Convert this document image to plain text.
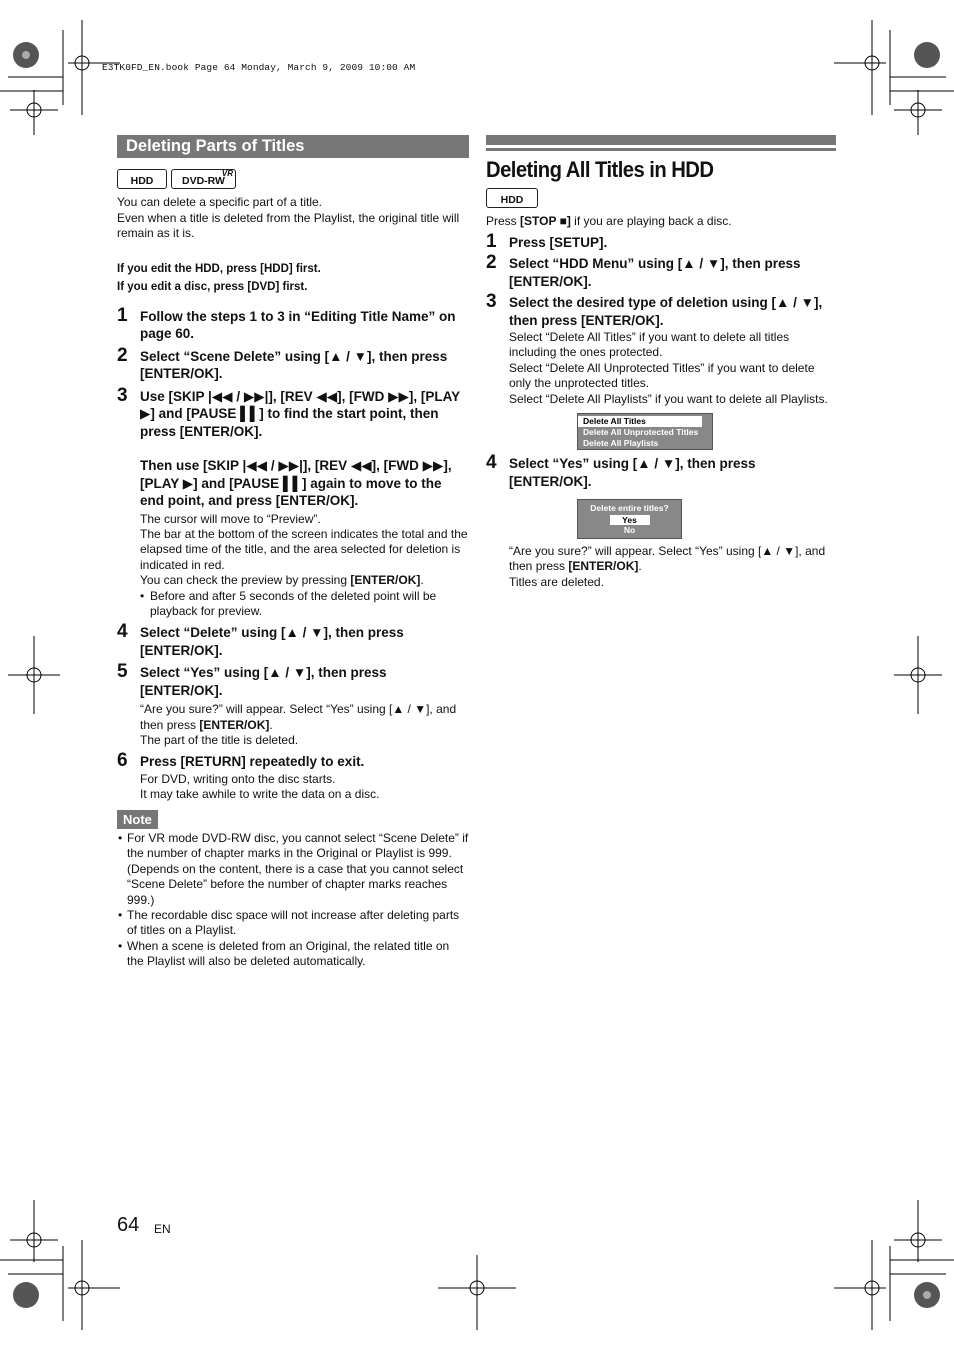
E3TK0FD_EN.book Page 64 Monday, March 9, 2009 10:00 AM
Deleting Parts of Titles
HDD
VR
DVD-RW

You can delete a specific part of a title.

Even when a title is deleted from the Playlist, the original title will remain as it is.

If you edit the HDD, press [HDD] first.

If you edit a disc, press [DVD] first.

1 Follow the steps 1 to 3 in “Editing Title Name” on page 60.
2 Select “Scene Delete” using [▲ / ▼], then press [ENTER/OK].
3 Use [SKIP |◀◀ / ▶▶|], [REV ◀◀], [FWD ▶▶], [PLAY ▶] and [PAUSE ▌▌] to find the start point, then press [ENTER/OK].
Then use [SKIP |◀◀ / ▶▶|], [REV ◀◀], [FWD ▶▶], [PLAY ▶] and [PAUSE ▌▌] again to move to the end point, and press [ENTER/OK].
The cursor will move to “Preview”.
The bar at the bottom of the screen indicates the total and the elapsed time of the title, and the area selected for deletion is indicated in red.
You can check the preview by pressing [ENTER/OK].
• Before and after 5 seconds of the deleted point will be playback for preview.
4 Select “Delete” using [▲ / ▼], then press [ENTER/OK].
5 Select “Yes” using [▲ / ▼], then press [ENTER/OK].
“Are you sure?” will appear. Select “Yes” using [▲ / ▼], and then press [ENTER/OK].
The part of the title is deleted.
6 Press [RETURN] repeatedly to exit.
For DVD, writing onto the disc starts.
It may take awhile to write the data on a disc.
Note
• For VR mode DVD-RW disc, you cannot select “Scene Delete” if the number of chapter marks in the Original or Playlist is 999. (Depends on the content, there is a case that you cannot select “Scene Delete” before the number of chapter marks reaches 999.)
• The recordable disc space will not increase after deleting parts of titles on a Playlist.
• When a scene is deleted from an Original, the related title on the Playlist will also be deleted automatically.
Deleting All Titles in HDD
HDD

Press [STOP ■] if you are playing back a disc.

1 Press [SETUP].
2 Select “HDD Menu” using [▲ / ▼], then press [ENTER/OK].
3 Select the desired type of deletion using [▲ / ▼], then press [ENTER/OK].
Select “Delete All Titles” if you want to delete all titles including the ones protected.
Select “Delete All Unprotected Titles” if you want to delete only the unprotected titles.
Select “Delete All Playlists” if you want to delete all Playlists.
Delete All Titles
Delete All Unprotected Titles
Delete All Playlists
4 Select “Yes” using [▲ / ▼], then press [ENTER/OK].
Delete entire titles?
Yes
No
“Are you sure?” will appear. Select “Yes” using [▲ / ▼], and then press [ENTER/OK].
Titles are deleted.
64 EN
